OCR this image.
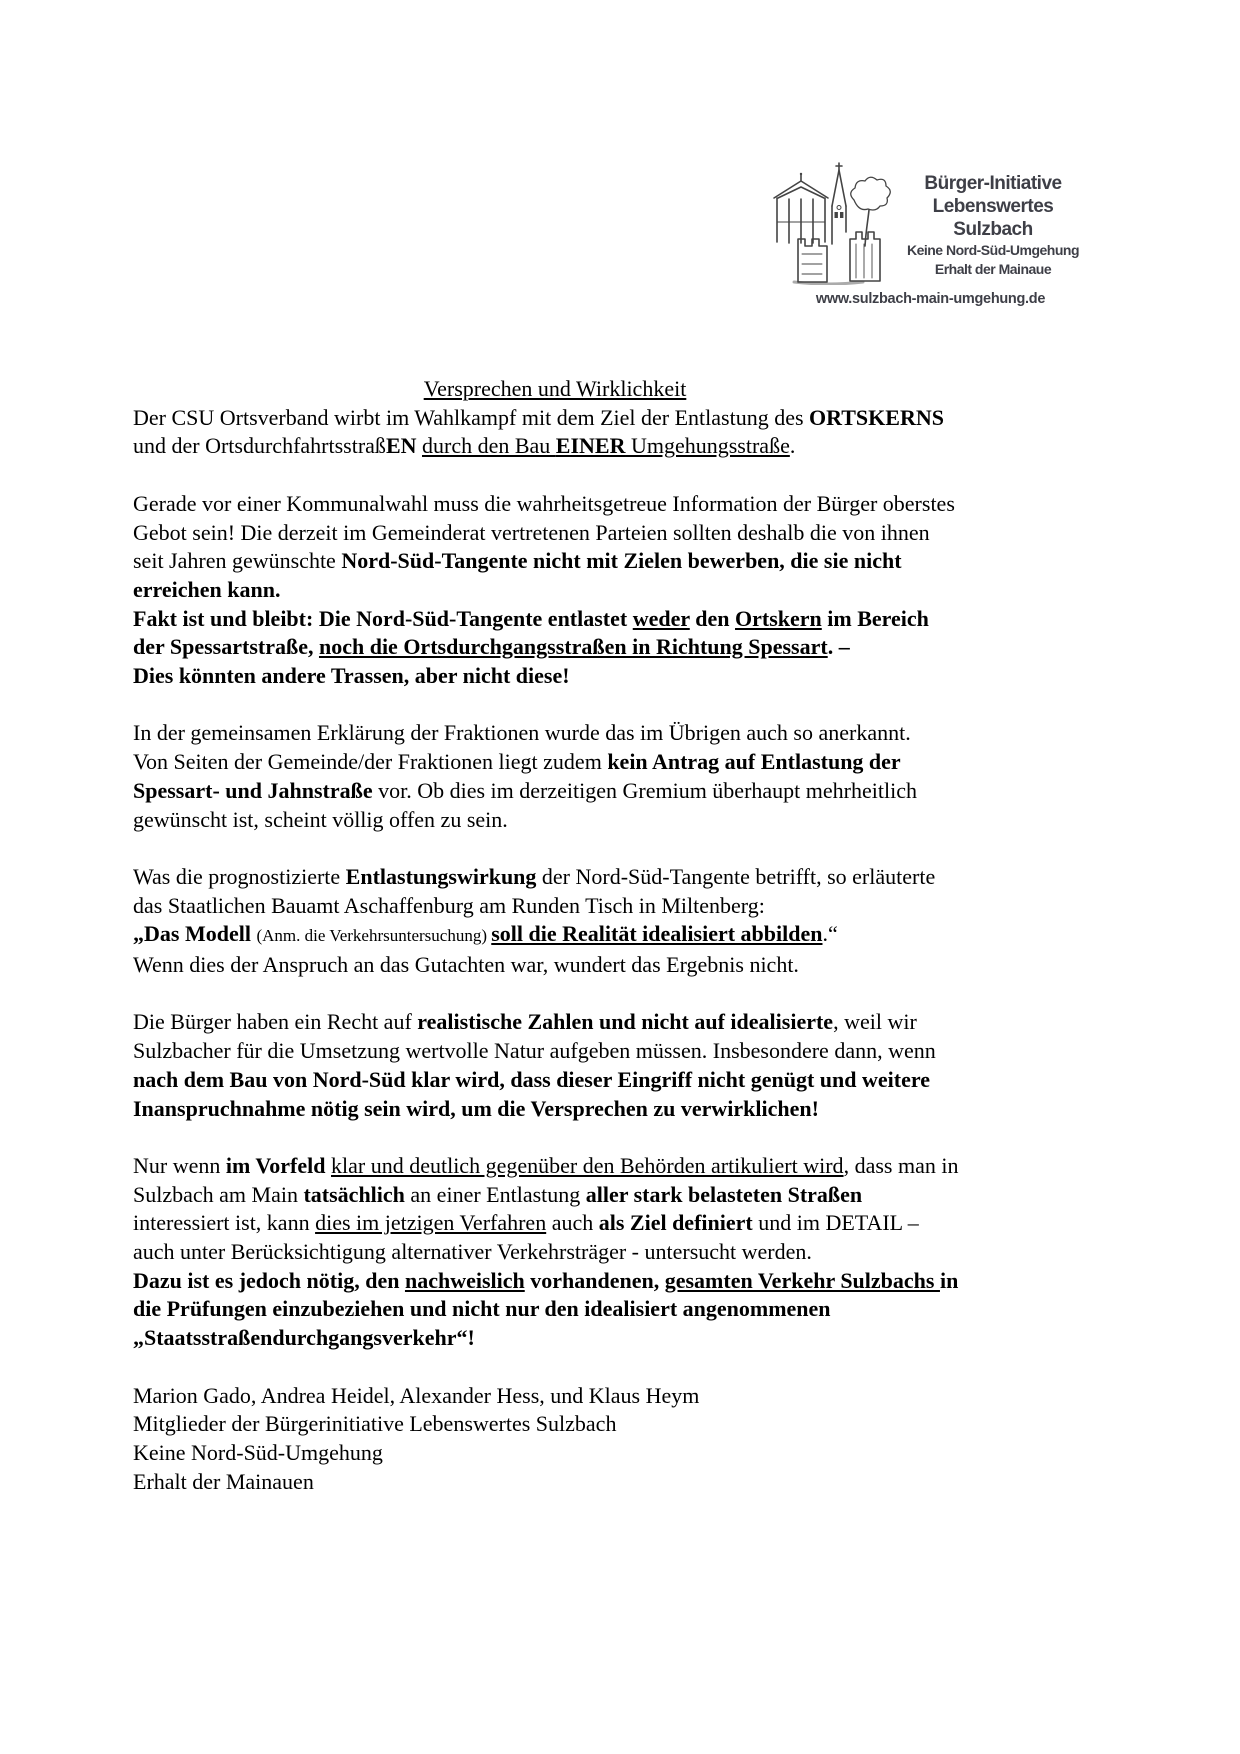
Bürger-Initiative
Lebenswertes Sulzbach
Keine Nord-Süd-Umgehung
Erhalt der Mainaue
www.sulzbach-main-umgehung.de
Versprechen und Wirklichkeit
Der CSU Ortsverband wirbt im Wahlkampf mit dem Ziel der Entlastung des ORTSKERNS
und der OrtsdurchfahrtsstraßEN durch den Bau EINER Umgehungsstraße.
Gerade vor einer Kommunalwahl muss die wahrheitsgetreue Information der Bürger oberstes
Gebot sein! Die derzeit im Gemeinderat vertretenen Parteien sollten deshalb die von ihnen
seit Jahren gewünschte Nord-Süd-Tangente nicht mit Zielen bewerben, die sie nicht
erreichen kann.
Fakt ist und bleibt: Die Nord-Süd-Tangente entlastet weder den Ortskern im Bereich
der Spessartstraße, noch die Ortsdurchgangsstraßen in Richtung Spessart. –
Dies könnten andere Trassen, aber nicht diese!
In der gemeinsamen Erklärung der Fraktionen wurde das im Übrigen auch so anerkannt.
Von Seiten der Gemeinde/der Fraktionen liegt zudem kein Antrag auf Entlastung der
Spessart- und Jahnstraße vor. Ob dies im derzeitigen Gremium überhaupt mehrheitlich
gewünscht ist, scheint völlig offen zu sein.
Was die prognostizierte Entlastungswirkung der Nord-Süd-Tangente betrifft, so erläuterte
das Staatlichen Bauamt Aschaffenburg am Runden Tisch in Miltenberg:
„Das Modell (Anm. die Verkehrsuntersuchung) soll die Realität idealisiert abbilden.“
Wenn dies der Anspruch an das Gutachten war, wundert das Ergebnis nicht.
Die Bürger haben ein Recht auf realistische Zahlen und nicht auf idealisierte, weil wir
Sulzbacher für die Umsetzung wertvolle Natur aufgeben müssen. Insbesondere dann, wenn
nach dem Bau von Nord-Süd klar wird, dass dieser Eingriff nicht genügt und weitere
Inanspruchnahme nötig sein wird, um die Versprechen zu verwirklichen!
Nur wenn im Vorfeld klar und deutlich gegenüber den Behörden artikuliert wird, dass man in
Sulzbach am Main tatsächlich an einer Entlastung aller stark belasteten Straßen
interessiert ist, kann dies im jetzigen Verfahren auch als Ziel definiert und im DETAIL –
auch unter Berücksichtigung alternativer Verkehrsträger - untersucht werden.
Dazu ist es jedoch nötig, den nachweislich vorhandenen, gesamten Verkehr Sulzbachs in
die Prüfungen einzubeziehen und nicht nur den idealisiert angenommenen
„Staatsstraßendurchgangsverkehr“!
Marion Gado, Andrea Heidel, Alexander Hess, und Klaus Heym
Mitglieder der Bürgerinitiative Lebenswertes Sulzbach
Keine Nord-Süd-Umgehung
Erhalt der Mainauen
